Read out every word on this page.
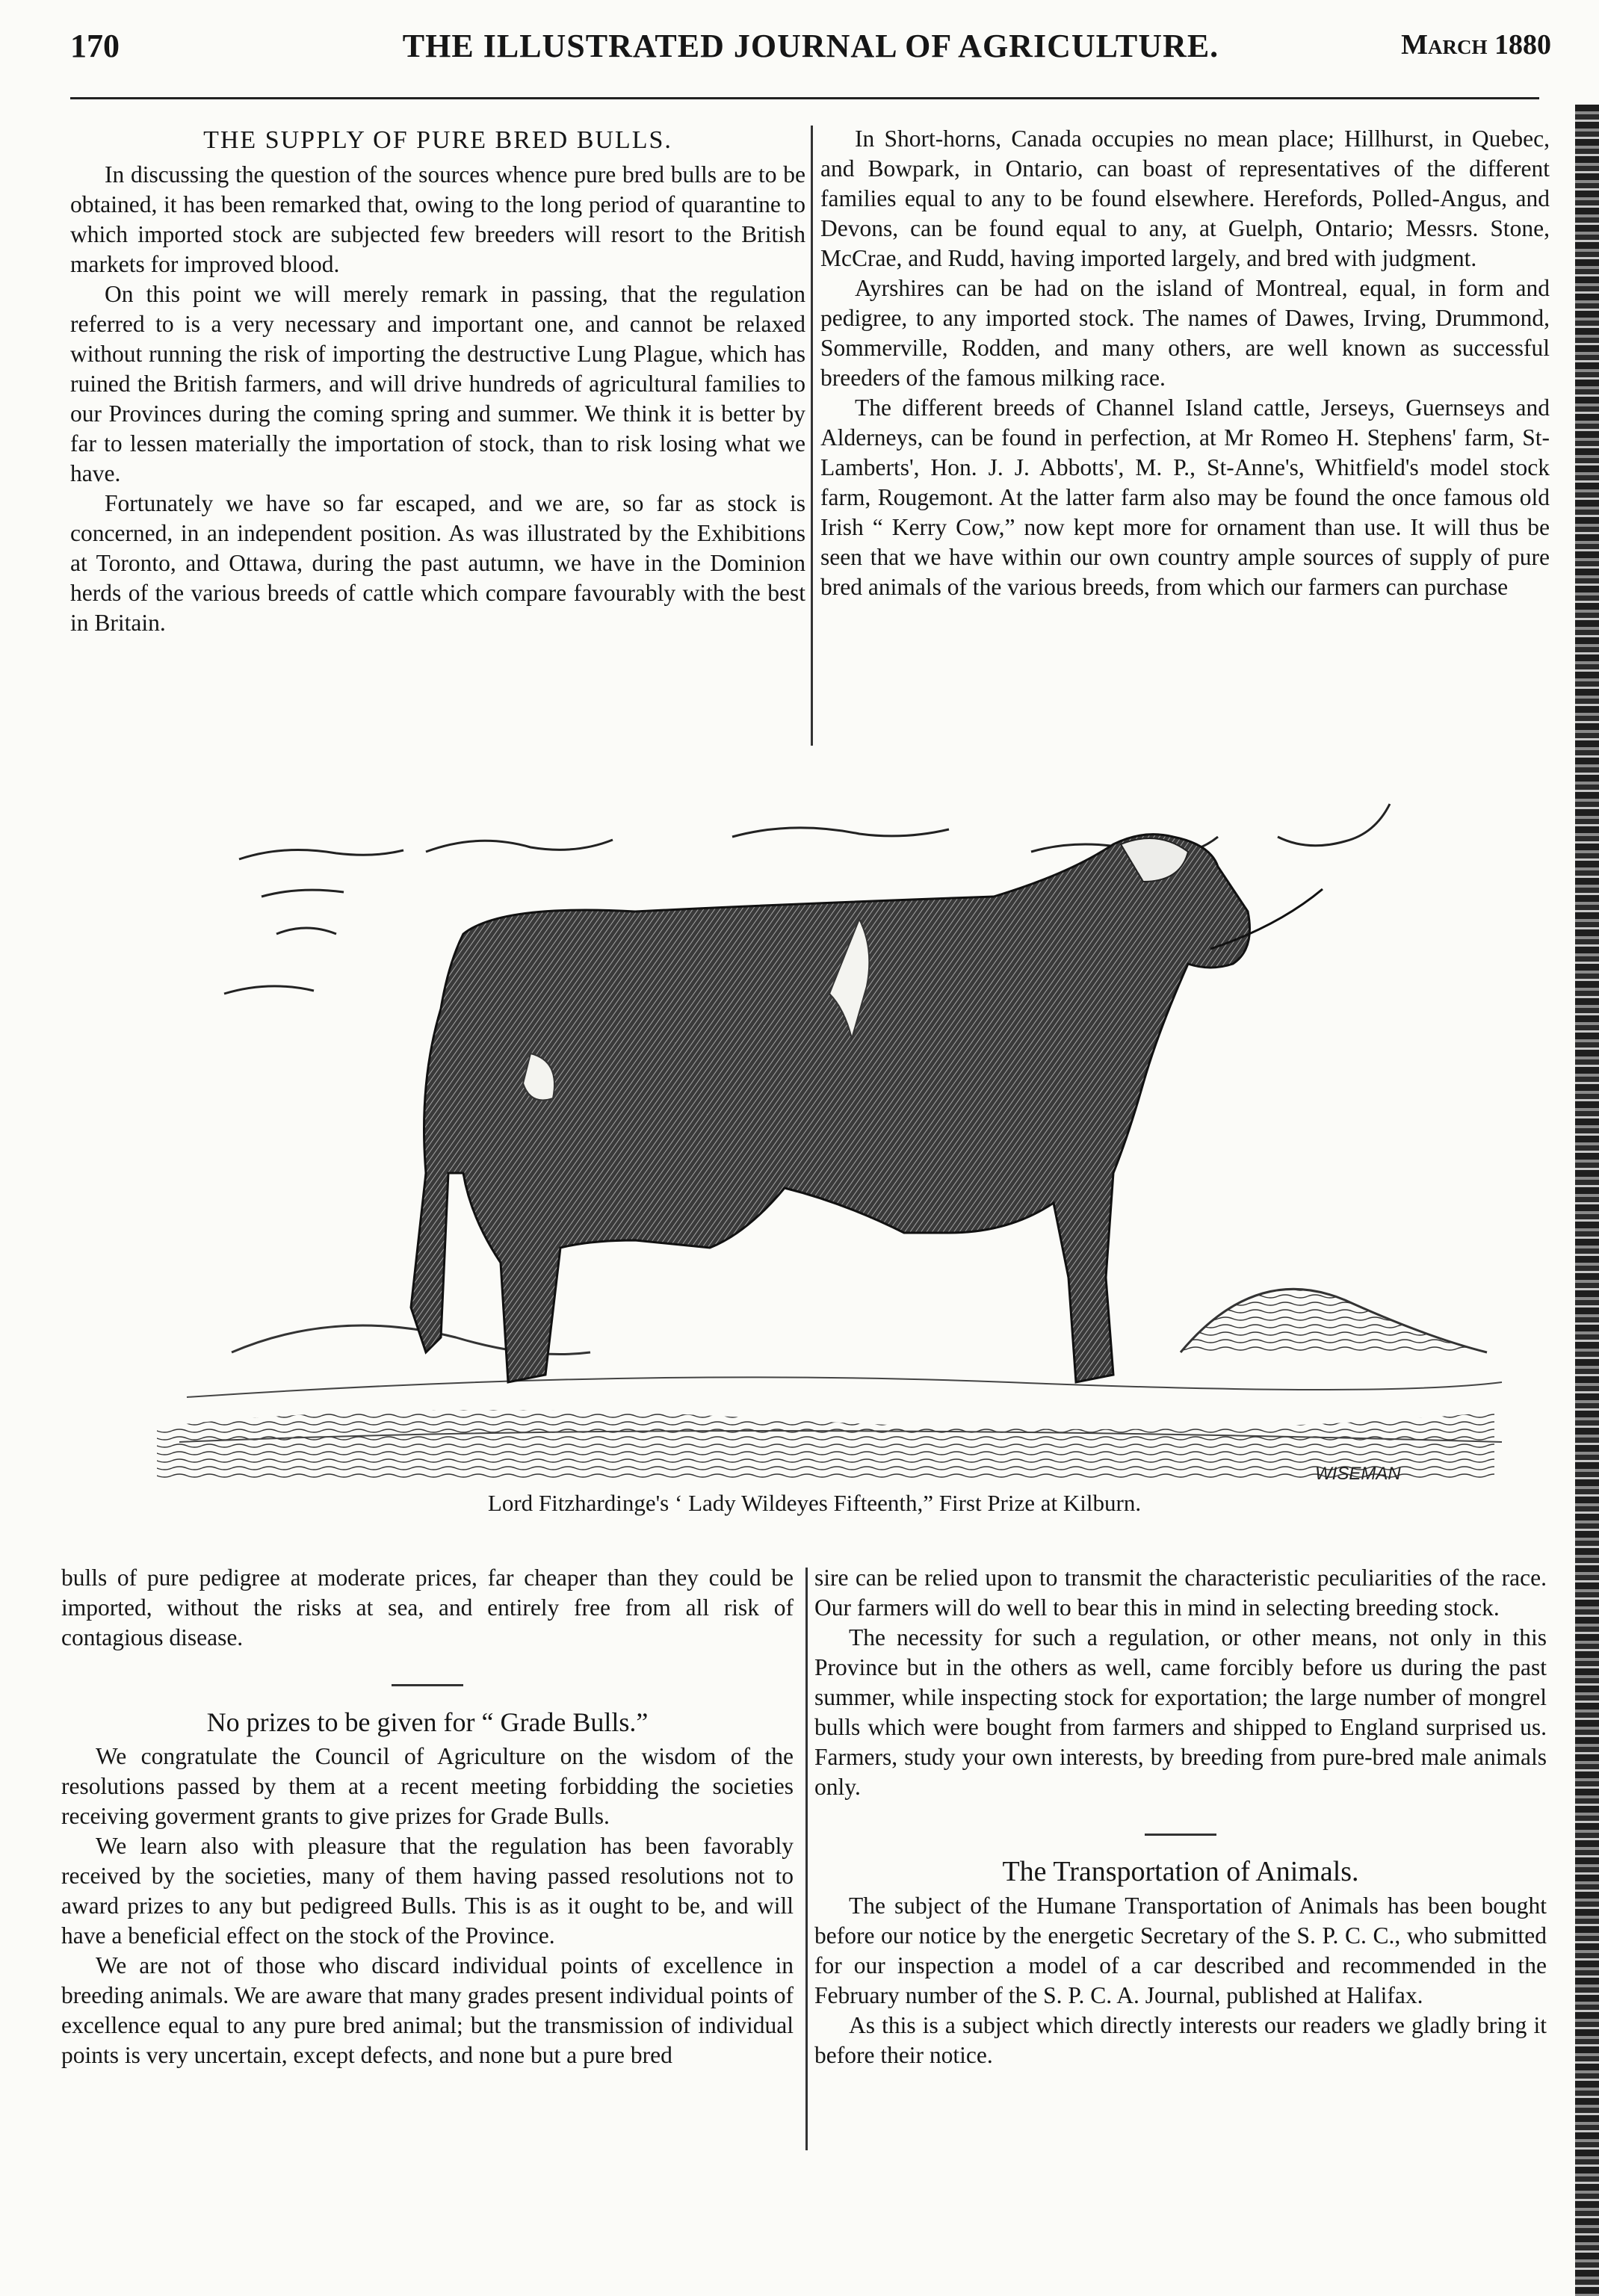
170	THE ILLUSTRATED JOURNAL OF AGRICULTURE.	March 1880
THE SUPPLY OF PURE BRED BULLS.

In discussing the question of the sources whence pure bred bulls are to be obtained, it has been remarked that, owing to the long period of quarantine to which imported stock are subjected few breeders will resort to the British markets for improved blood.

On this point we will merely remark in passing, that the regulation referred to is a very necessary and important one, and cannot be relaxed without running the risk of importing the destructive Lung Plague, which has ruined the British farmers, and will drive hundreds of agricultural families to our Provinces during the coming spring and summer. We think it is better by far to lessen materially the importation of stock, than to risk losing what we have.

Fortunately we have so far escaped, and we are, so far as stock is concerned, in an independent position. As was illustrated by the Exhibitions at Toronto, and Ottawa, during the past autumn, we have in the Dominion herds of the various breeds of cattle which compare favourably with the best in Britain.

In Short-horns, Canada occupies no mean place; Hillhurst, in Quebec, and Bowpark, in Ontario, can boast of representatives of the different families equal to any to be found elsewhere. Herefords, Polled-Angus, and Devons, can be found equal to any, at Guelph, Ontario; Messrs. Stone, McCrae, and Rudd, having imported largely, and bred with judgment.

Ayrshires can be had on the island of Montreal, equal, in form and pedigree, to any imported stock. The names of Dawes, Irving, Drummond, Sommerville, Rodden, and many others, are well known as successful breeders of the famous milking race.

The different breeds of Channel Island cattle, Jerseys, Guernseys and Alderneys, can be found in perfection, at Mr Romeo H. Stephens' farm, St-Lamberts', Hon. J. J. Abbotts', M. P., St-Anne's, Whitfield's model stock farm, Rougemont. At the latter farm also may be found the once famous old Irish “ Kerry Cow,” now kept more for ornament than use. It will thus be seen that we have within our own country ample sources of supply of pure bred animals of the various breeds, from which our farmers can purchase

WISEMAN
Lord Fitzhardinge's ‘ Lady Wildeyes Fifteenth,” First Prize at Kilburn.

bulls of pure pedigree at moderate prices, far cheaper than they could be imported, without the risks at sea, and entirely free from all risk of contagious disease.

No prizes to be given for “ Grade Bulls.”

We congratulate the Council of Agriculture on the wisdom of the resolutions passed by them at a recent meeting forbidding the societies receiving goverment grants to give prizes for Grade Bulls.

We learn also with pleasure that the regulation has been favorably received by the societies, many of them having passed resolutions not to award prizes to any but pedigreed Bulls. This is as it ought to be, and will have a beneficial effect on the stock of the Province.

We are not of those who discard individual points of excellence in breeding animals. We are aware that many grades present individual points of excellence equal to any pure bred animal; but the transmission of individual points is very uncertain, except defects, and none but a pure bred

sire can be relied upon to transmit the characteristic peculiarities of the race. Our farmers will do well to bear this in mind in selecting breeding stock.

The necessity for such a regulation, or other means, not only in this Province but in the others as well, came forcibly before us during the past summer, while inspecting stock for exportation; the large number of mongrel bulls which were bought from farmers and shipped to England surprised us. Farmers, study your own interests, by breeding from pure-bred male animals only.

The Transportation of Animals.

The subject of the Humane Transportation of Animals has been bought before our notice by the energetic Secretary of the S. P. C. C., who submitted for our inspection a model of a car described and recommended in the February number of the S. P. C. A. Journal, published at Halifax.

As this is a subject which directly interests our readers we gladly bring it before their notice.
